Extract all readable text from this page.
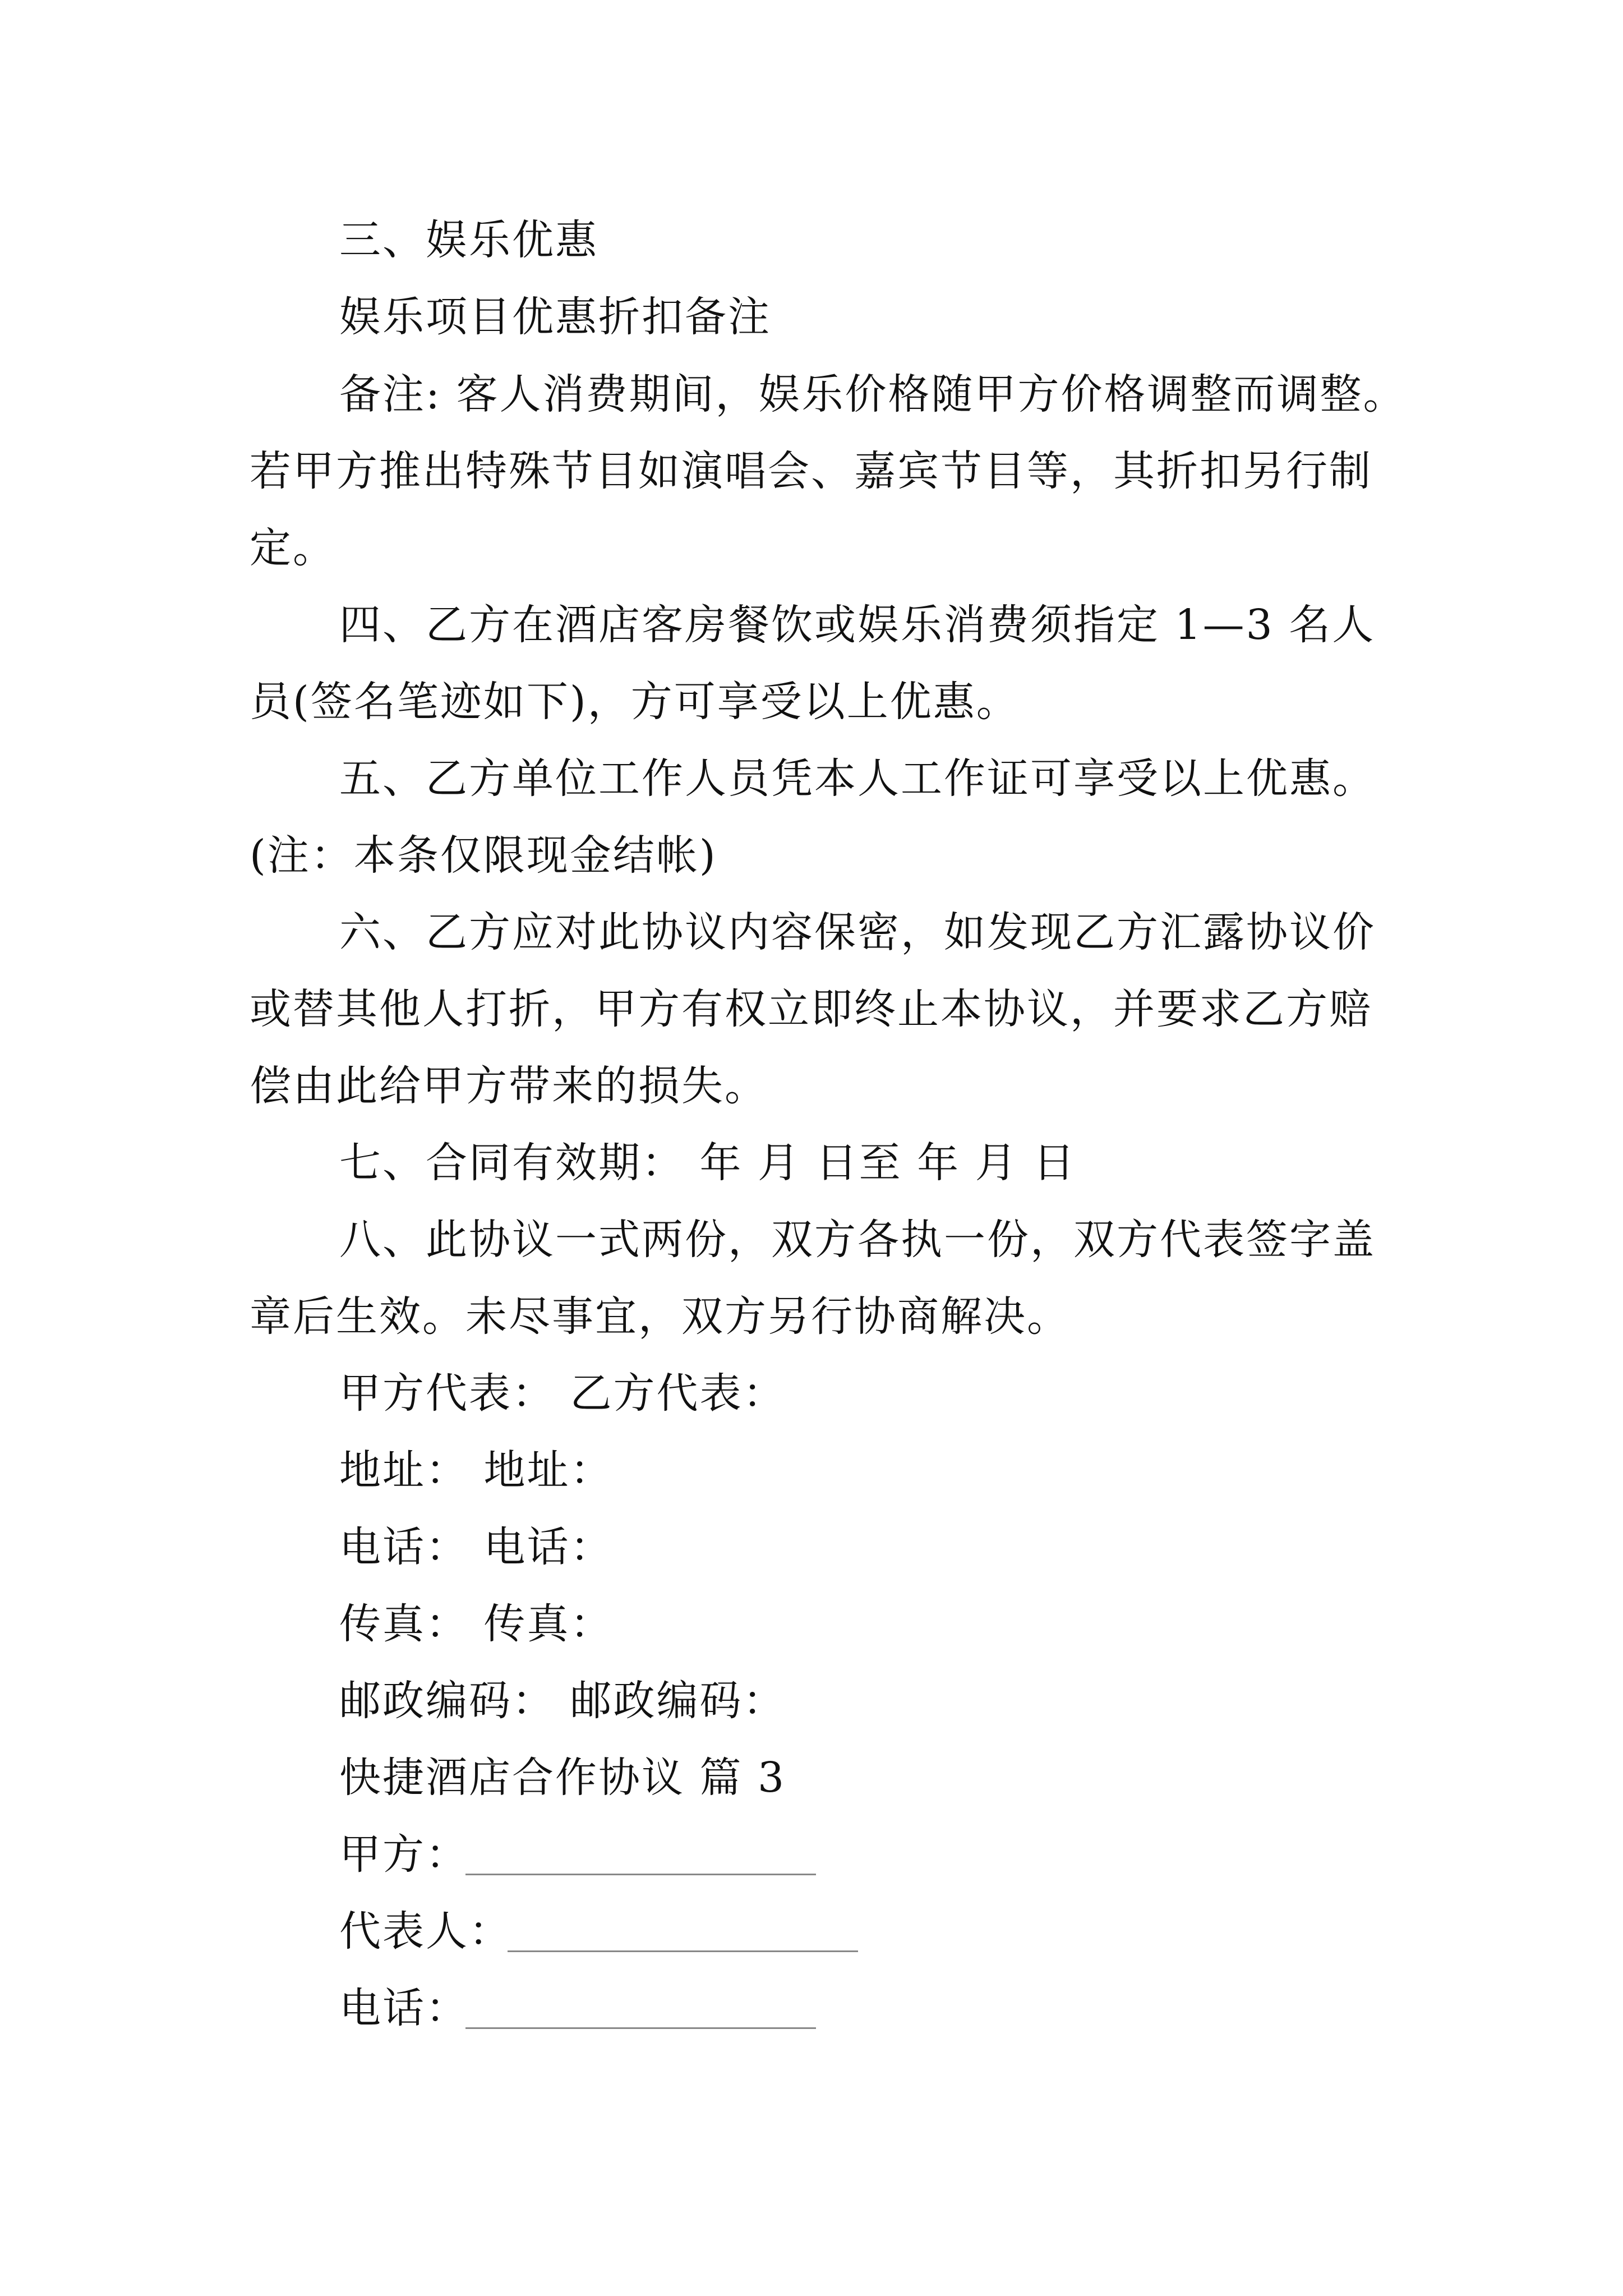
三、娱乐优惠
娱乐项目优惠折扣备注
备注: 客人消费期间，娱乐价格随甲方价格调整而调整。
若甲方推出特殊节目如演唱会、嘉宾节目等，其折扣另行制
定。
四、乙方在酒店客房餐饮或娱乐消费须指定 1—3 名人
员(签名笔迹如下)，方可享受以上优惠。
五、乙方单位工作人员凭本人工作证可享受以上优惠。
(注：本条仅限现金结帐)
六、乙方应对此协议内容保密，如发现乙方汇露协议价
或替其他人打折，甲方有权立即终止本协议，并要求乙方赔
偿由此给甲方带来的损失。
七、合同有效期： 年 月 日至 年 月 日
八、此协议一式两份，双方各执一份，双方代表签字盖
章后生效。未尽事宜，双方另行协商解决。
甲方代表： 乙方代表：
地址： 地址：
电话： 电话：
传真： 传真：
邮政编码： 邮政编码：
快捷酒店合作协议 篇 3
甲方：
代表人：
电话：
